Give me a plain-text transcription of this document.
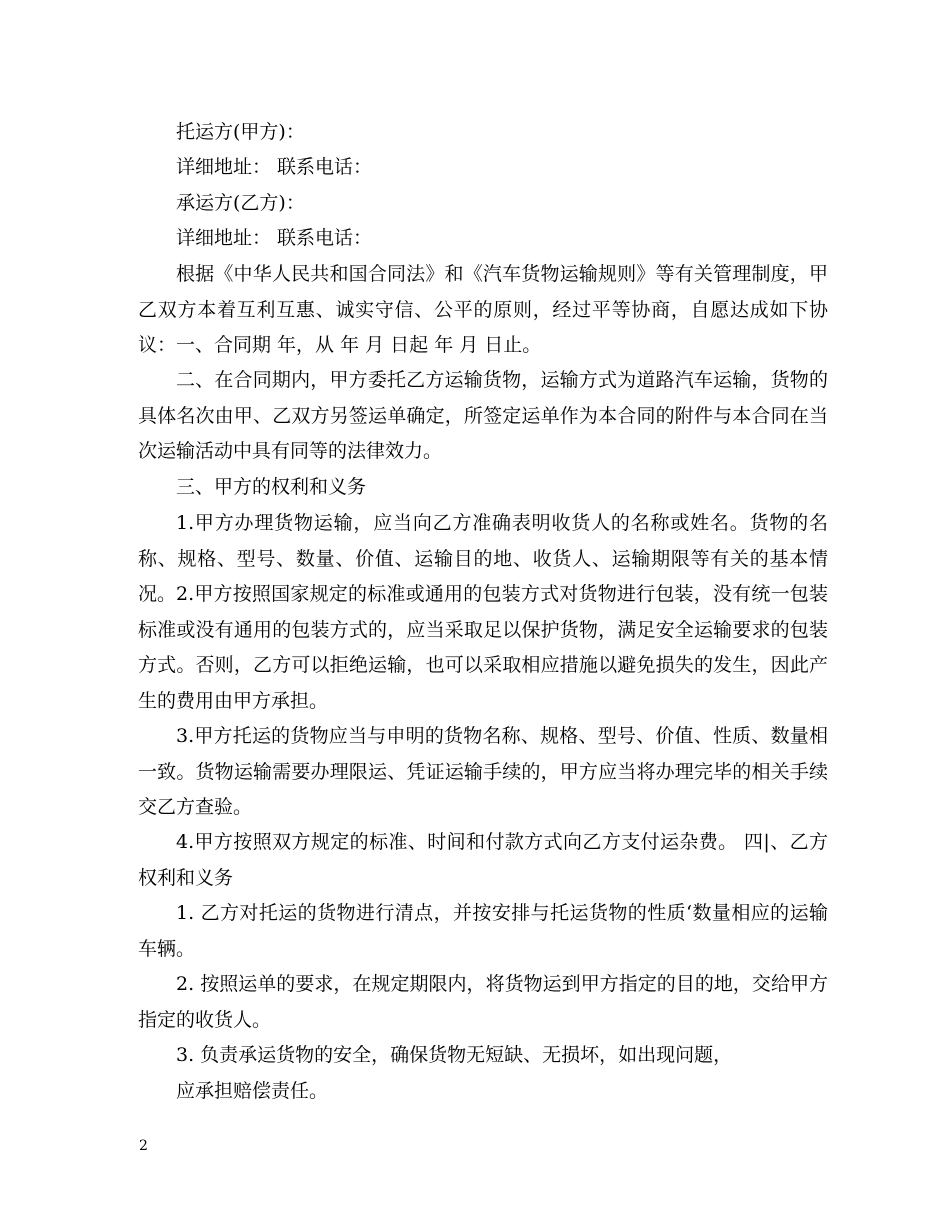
托运方(甲方)：

详细地址： 联系电话：

承运方(乙方)：

详细地址： 联系电话：

根据《中华人民共和国合同法》和《汽车货物运输规则》等有关管理制度，甲乙双方本着互利互惠、诚实守信、公平的原则，经过平等协商，自愿达成如下协议： 一、合同期 年，从 年 月 日起 年 月 日止。

二、在合同期内，甲方委托乙方运输货物，运输方式为道路汽车运输，货物的具体名次由甲、乙双方另签运单确定，所签定运单作为本合同的附件与本合同在当次运输活动中具有同等的法律效力。

三、甲方的权利和义务

1.甲方办理货物运输，应当向乙方准确表明收货人的名称或姓名。货物的名称、规格、型号、数量、价值、运输目的地、收货人、运输期限等有关的基本情况。 2.甲方按照国家规定的标准或通用的包装方式对货物进行包装，没有统一包装标准或没有通用的包装方式的，应当采取足以保护货物，满足安全运输要求的包装方式。否则，乙方可以拒绝运输，也可以采取相应措施以避免损失的发生，因此产生的费用由甲方承担。

3.甲方托运的货物应当与申明的货物名称、规格、型号、价值、性质、数量相一致。货物运输需要办理限运、凭证运输手续的，甲方应当将办理完毕的相关手续交乙方查验。

4.甲方按照双方规定的标准、时间和付款方式向乙方支付运杂费。 四|、乙方权利和义务

1. 乙方对托运的货物进行清点，并按安排与托运货物的性质‘数量相应的运输车辆。

2. 按照运单的要求，在规定期限内，将货物运到甲方指定的目的地，交给甲方指定的收货人。

3. 负责承运货物的安全，确保货物无短缺、无损坏，如出现问题，

应承担赔偿责任。

2
